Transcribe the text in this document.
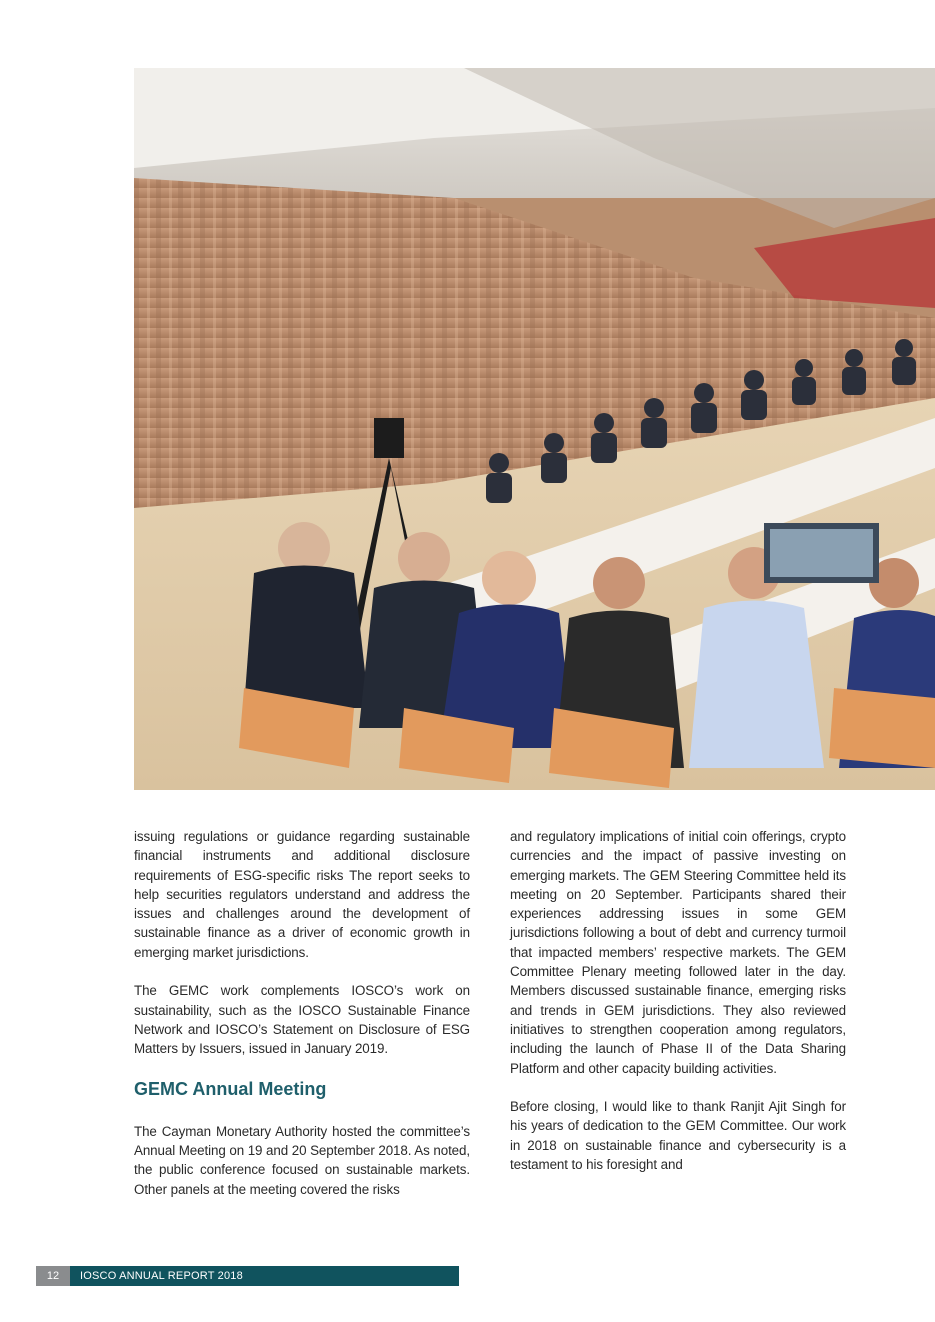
issuing regulations or guidance regarding sustainable financial instruments and additional disclosure requirements of ESG-specific risks The report seeks to help securities regulators understand and address the issues and challenges around the development of sustainable finance as a driver of economic growth in emerging market jurisdictions.

The GEMC work complements IOSCO’s work on sustainability, such as the IOSCO Sustainable Finance Network and IOSCO’s Statement on Disclosure of ESG Matters by Issuers, issued in January 2019.

GEMC Annual Meeting

The Cayman Monetary Authority hosted the committee’s Annual Meeting on 19 and 20 September 2018. As noted, the public conference focused on sustainable markets. Other panels at the meeting covered the risks

and regulatory implications of initial coin offerings, crypto currencies and the impact of passive investing on emerging markets. The GEM Steering Committee held its meeting on 20 September. Participants shared their experiences addressing issues in some GEM jurisdictions following a bout of debt and currency turmoil that impacted members’ respective markets. The GEM Committee Plenary meeting followed later in the day. Members discussed sustainable finance, emerging risks and trends in GEM jurisdictions. They also reviewed initiatives to strengthen cooperation among regulators, including the launch of Phase II of the Data Sharing Platform and other capacity building activities.

Before closing, I would like to thank Ranjit Ajit Singh for his years of dedication to the GEM Committee. Our work in 2018 on sustainable finance and cybersecurity is a testament to his foresight and

12	IOSCO ANNUAL REPORT 2018
